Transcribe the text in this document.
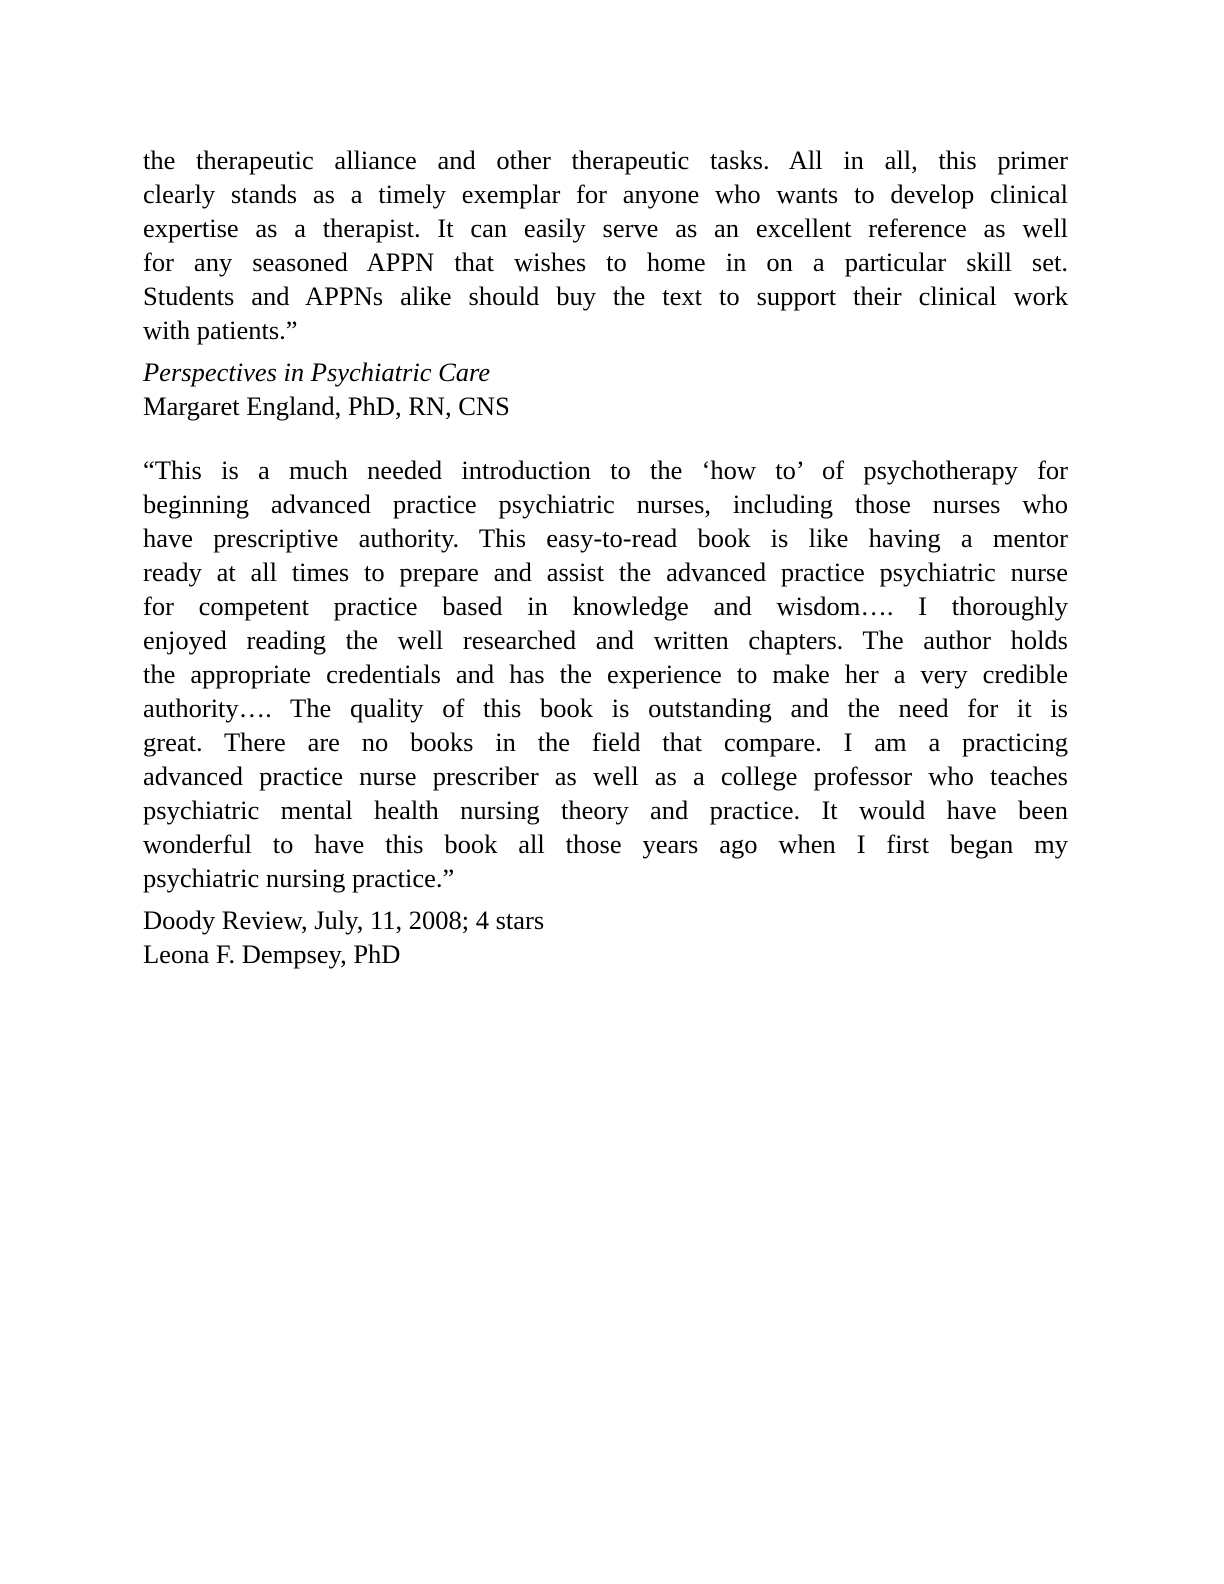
the therapeutic alliance and other therapeutic tasks. All in all, this primer
clearly stands as a timely exemplar for anyone who wants to develop clinical
expertise as a therapist. It can easily serve as an excellent reference as well
for any seasoned APPN that wishes to home in on a particular skill set.
Students and APPNs alike should buy the text to support their clinical work
with patients.”
Perspectives in Psychiatric Care
Margaret England, PhD, RN, CNS
“This is a much needed introduction to the ‘how to’ of psychotherapy for
beginning advanced practice psychiatric nurses, including those nurses who
have prescriptive authority. This easy-to-read book is like having a mentor
ready at all times to prepare and assist the advanced practice psychiatric nurse
for competent practice based in knowledge and wisdom…. I thoroughly
enjoyed reading the well researched and written chapters. The author holds
the appropriate credentials and has the experience to make her a very credible
authority…. The quality of this book is outstanding and the need for it is
great. There are no books in the field that compare. I am a practicing
advanced practice nurse prescriber as well as a college professor who teaches
psychiatric mental health nursing theory and practice. It would have been
wonderful to have this book all those years ago when I first began my
psychiatric nursing practice.”
Doody Review, July, 11, 2008; 4 stars
Leona F. Dempsey, PhD
